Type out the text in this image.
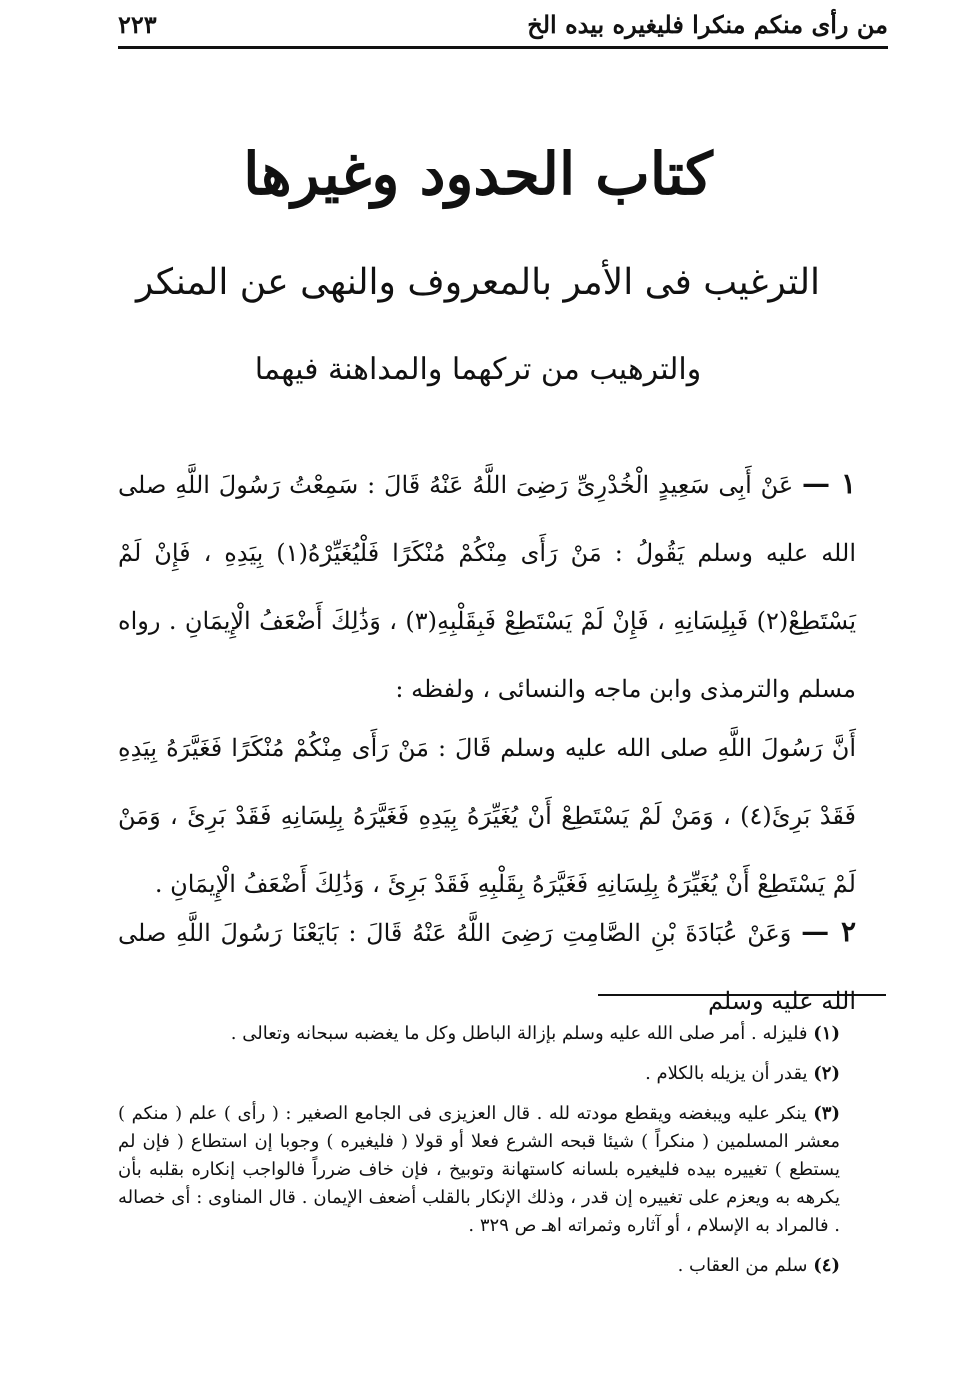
من رأى منكم منكرا فليغيره بيده الخ
٢٢٣
كتاب الحدود وغيرها
الترغيب فى الأمر بالمعروف والنهى عن المنكر
والترهيب من تركهما والمداهنة فيهما
١ — عَنْ أَبِى سَعِيدٍ الْخُدْرِىِّ رَضِىَ اللَّهُ عَنْهُ قَالَ : سَمِعْتُ رَسُولَ اللَّهِ صلى الله عليه وسلم يَقُولُ : مَنْ رَأَى مِنْكُمْ مُنْكَرًا فَلْيُغَيِّرْهُ(١) بِيَدِهِ ، فَإِنْ لَمْ يَسْتَطِعْ(٢) فَبِلِسَانِهِ ، فَإِنْ لَمْ يَسْتَطِعْ فَبِقَلْبِهِ(٣) ، وَذَٰلِكَ أَضْعَفُ الْإِيمَانِ . رواه مسلم والترمذى وابن ماجه والنسائى ، ولفظه :
أَنَّ رَسُولَ اللَّهِ صلى الله عليه وسلم قَالَ : مَنْ رَأَى مِنْكُمْ مُنْكَرًا فَغَيَّرَهُ بِيَدِهِ فَقَدْ بَرِئَ(٤) ، وَمَنْ لَمْ يَسْتَطِعْ أَنْ يُغَيِّرَهُ بِيَدِهِ فَغَيَّرَهُ بِلِسَانِهِ فَقَدْ بَرِئَ ، وَمَنْ لَمْ يَسْتَطِعْ أَنْ يُغَيِّرَهُ بِلِسَانِهِ فَغَيَّرَهُ بِقَلْبِهِ فَقَدْ بَرِئَ ، وَذَٰلِكَ أَضْعَفُ الْإِيمَانِ .
٢ — وَعَنْ عُبَادَةَ بْنِ الصَّامِتِ رَضِىَ اللَّهُ عَنْهُ قَالَ : بَايَعْنَا رَسُولَ اللَّهِ صلى الله عليه وسلم
(١) فليزله . أمر صلى الله عليه وسلم بإزالة الباطل وكل ما يغضبه سبحانه وتعالى .
(٢) يقدر أن يزيله بالكلام .
(٣) ينكر عليه ويبغضه ويقطع مودته لله . قال العزيزى فى الجامع الصغير : ( رأى ) علم ( منكم ) معشر المسلمين ( منكراً ) شيئا قبحه الشرع فعلا أو قولا ( فليغيره ) وجوبا إن استطاع ( فإن لم يستطع ) تغييره بيده فليغيره بلسانه كاستهانة وتوبيخ ، فإن خاف ضرراً فالواجب إنكاره بقلبه بأن يكرهه به ويعزم على تغييره إن قدر ، وذلك الإنكار بالقلب أضعف الإيمان . قال المناوى : أى خصاله . فالمراد به الإسلام ، أو آثاره وثمراته اهـ ص ٣٢٩ .
(٤) سلم من العقاب .
